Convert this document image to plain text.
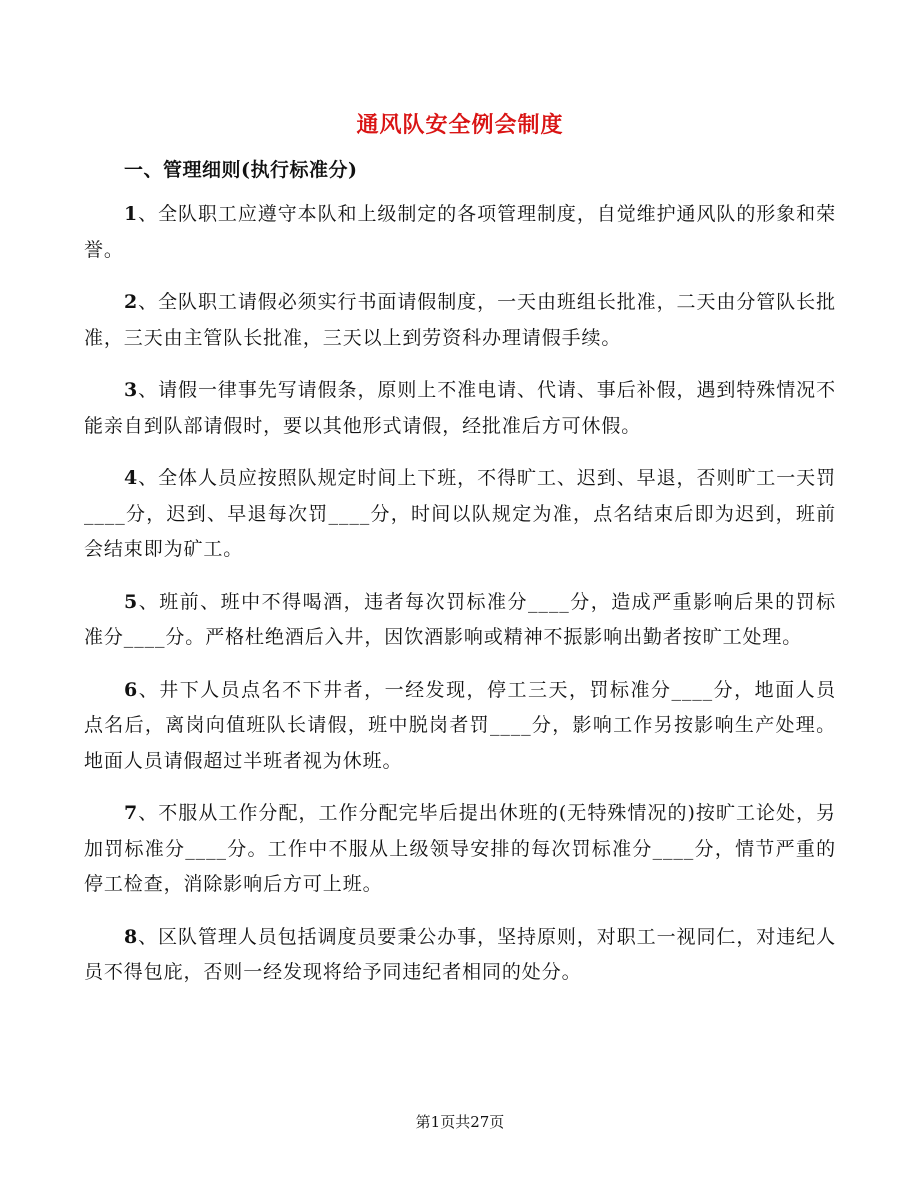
通风队安全例会制度
一、管理细则(执行标准分)

1、全队职工应遵守本队和上级制定的各项管理制度，自觉维护通风队的形象和荣誉。

2、全队职工请假必须实行书面请假制度，一天由班组长批准，二天由分管队长批准，三天由主管队长批准，三天以上到劳资科办理请假手续。

3、请假一律事先写请假条，原则上不准电请、代请、事后补假，遇到特殊情况不能亲自到队部请假时，要以其他形式请假，经批准后方可休假。

4、全体人员应按照队规定时间上下班，不得旷工、迟到、早退，否则旷工一天罚____分，迟到、早退每次罚____分，时间以队规定为准，点名结束后即为迟到，班前会结束即为矿工。

5、班前、班中不得喝酒，违者每次罚标准分____分，造成严重影响后果的罚标准分____分。严格杜绝酒后入井，因饮酒影响或精神不振影响出勤者按旷工处理。

6、井下人员点名不下井者，一经发现，停工三天，罚标准分____分，地面人员点名后，离岗向值班队长请假，班中脱岗者罚____分，影响工作另按影响生产处理。地面人员请假超过半班者视为休班。

7、不服从工作分配，工作分配完毕后提出休班的(无特殊情况的)按旷工论处，另加罚标准分____分。工作中不服从上级领导安排的每次罚标准分____分，情节严重的停工检查，消除影响后方可上班。

8、区队管理人员包括调度员要秉公办事，坚持原则，对职工一视同仁，对违纪人员不得包庇，否则一经发现将给予同违纪者相同的处分。

第1页共27页
